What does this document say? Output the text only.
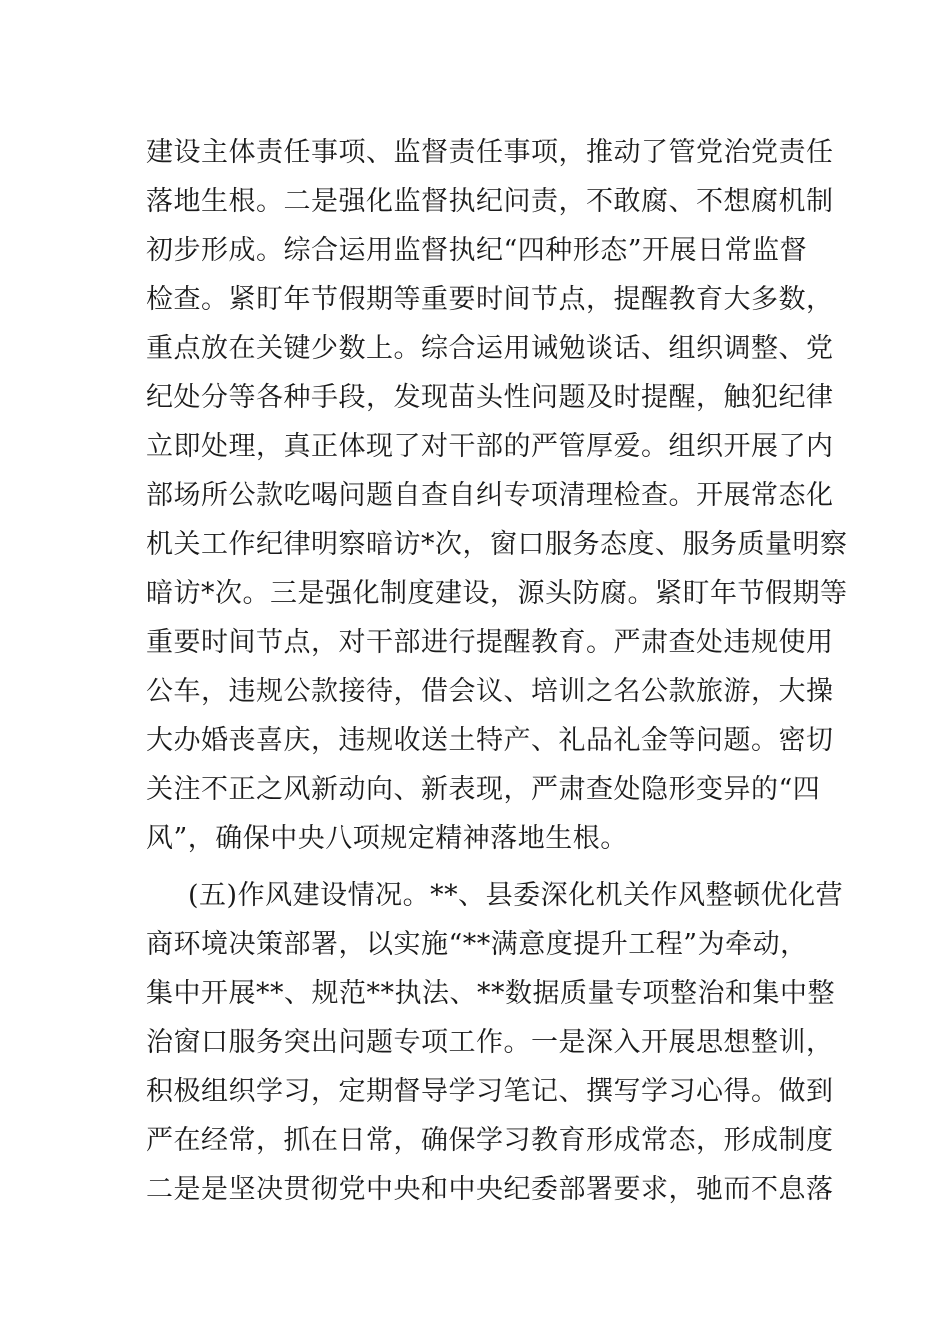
建设主体责任事项、监督责任事项，推动了管党治党责任
落地生根。二是强化监督执纪问责，不敢腐、不想腐机制
初步形成。综合运用监督执纪“四种形态”开展日常监督
检查。紧盯年节假期等重要时间节点，提醒教育大多数，
重点放在关键少数上。综合运用诫勉谈话、组织调整、党
纪处分等各种手段，发现苗头性问题及时提醒，触犯纪律
立即处理，真正体现了对干部的严管厚爱。组织开展了内
部场所公款吃喝问题自查自纠专项清理检查。开展常态化
机关工作纪律明察暗访*次，窗口服务态度、服务质量明察
暗访*次。三是强化制度建设，源头防腐。紧盯年节假期等
重要时间节点，对干部进行提醒教育。严肃查处违规使用
公车，违规公款接待，借会议、培训之名公款旅游，大操
大办婚丧喜庆，违规收送土特产、礼品礼金等问题。密切
关注不正之风新动向、新表现，严肃查处隐形变异的“四
风”，确保中央八项规定精神落地生根。
(五)作风建设情况。**、县委深化机关作风整顿优化营
商环境决策部署，以实施“**满意度提升工程”为牵动，
集中开展**、规范**执法、**数据质量专项整治和集中整
治窗口服务突出问题专项工作。一是深入开展思想整训，
积极组织学习，定期督导学习笔记、撰写学习心得。做到
严在经常，抓在日常，确保学习教育形成常态，形成制度
二是是坚决贯彻党中央和中央纪委部署要求，驰而不息落
